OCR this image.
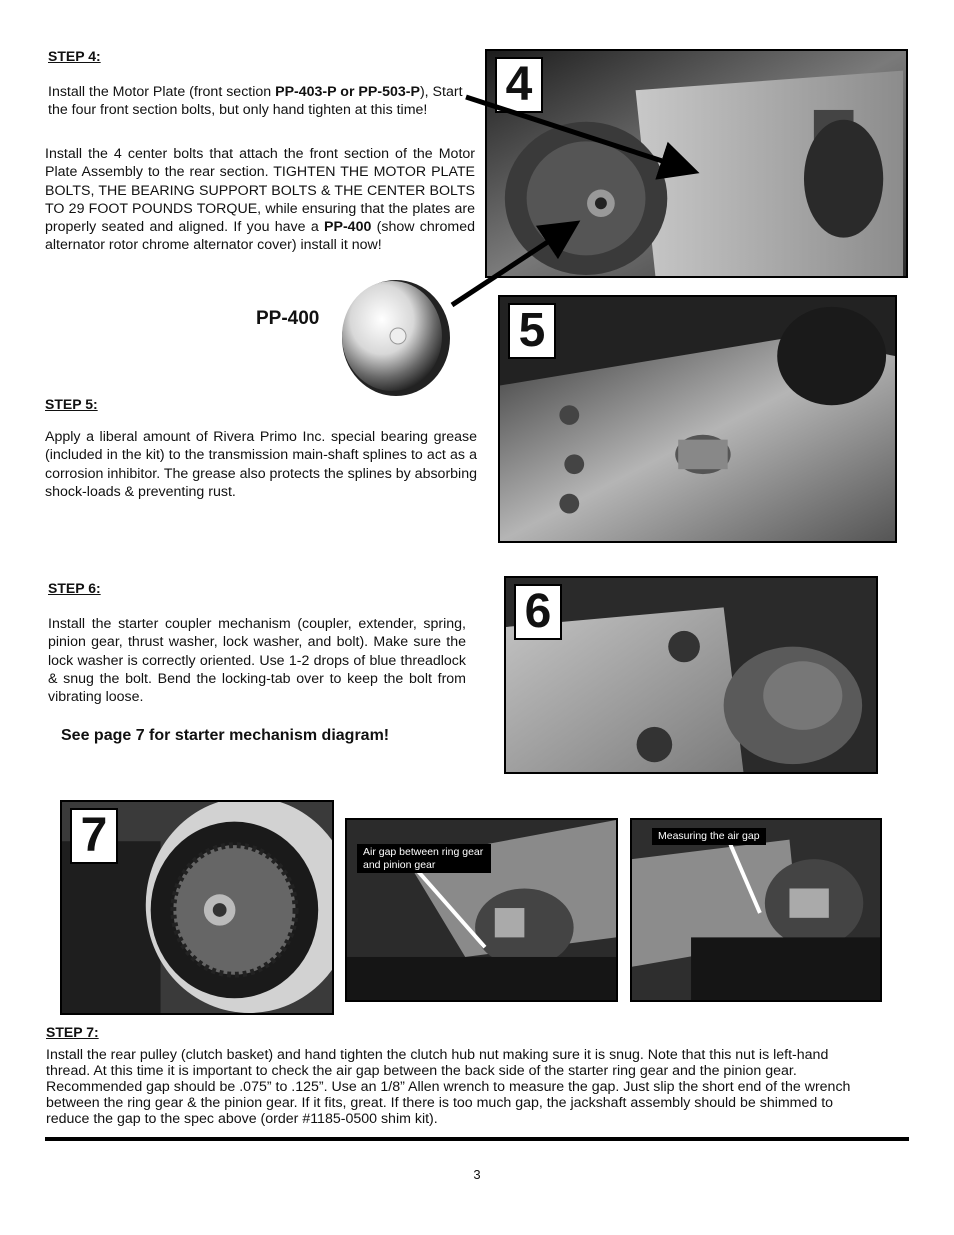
STEP 4:
Install the Motor Plate (front section PP-403-P or PP-503-P), Start the four front section bolts, but only hand tighten at this time!
Install the 4 center bolts that attach the front section of the Motor Plate Assembly to the rear section. TIGHTEN THE MOTOR PLATE BOLTS, THE BEARING SUPPORT BOLTS & THE CENTER BOLTS TO 29 FOOT POUNDS TORQUE, while ensuring that the plates are properly seated and aligned. If you have a PP-400 (show chromed alternator rotor chrome alternator cover) install it now!
PP-400
4
STEP 5:
Apply a liberal amount of Rivera Primo Inc. special bearing grease (included in the kit) to the transmission main-shaft splines to act as a corrosion inhibitor. The grease also protects the splines by absorbing shock-loads & preventing rust.
5
STEP 6:
Install the starter coupler mechanism (coupler, extender, spring, pinion gear, thrust washer, lock washer, and bolt). Make sure the lock washer is correctly oriented. Use 1-2 drops of blue threadlock & snug the bolt. Bend the locking-tab over to keep the bolt from vibrating loose.
See page 7 for starter mechanism diagram!
6
7	Air gap between ring gear and pinion gear
Measuring the air gap
STEP 7:
Install the rear pulley (clutch basket) and hand tighten the clutch hub nut making sure it is snug. Note that this nut is left-hand thread. At this time it is important to check the air gap between the back side of the starter ring gear and the pinion gear. Recommended gap should be .075” to .125”. Use an 1/8” Allen wrench to measure the gap. Just slip the short end of the wrench between the ring gear & the pinion gear. If it fits, great. If there is too much gap, the jackshaft assembly should be shimmed to reduce the gap to the spec above (order #1185-0500 shim kit).
3
